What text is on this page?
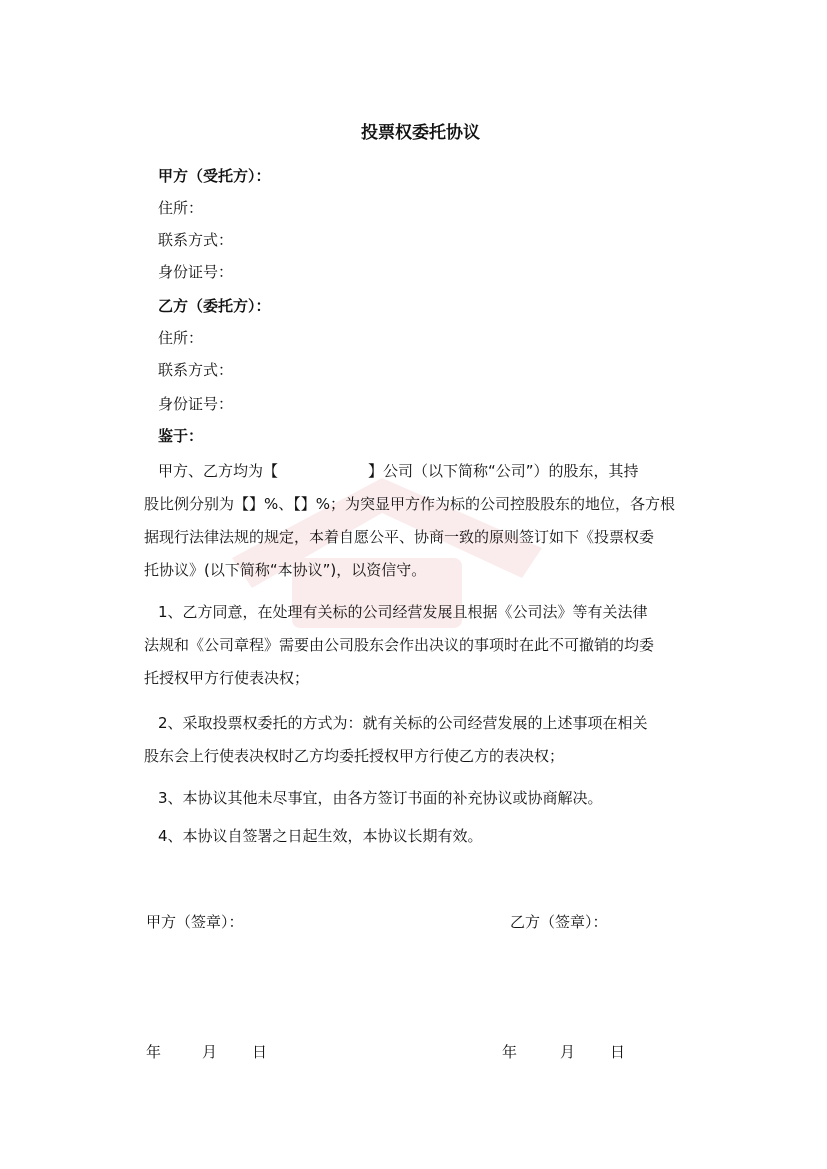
投票权委托协议
甲方（受托方）：
住所：
联系方式：
身份证号：
乙方（委托方）：
住所：
联系方式：
身份证号：
鉴于：
甲方、乙方均为【　　　　　　】公司（以下简称“公司”）的股东，其持
股比例分别为【】%、【】%；为突显甲方作为标的公司控股股东的地位，各方根
据现行法律法规的规定，本着自愿公平、协商一致的原则签订如下《投票权委
托协议》(以下简称“本协议”)，以资信守。
1、乙方同意，在处理有关标的公司经营发展且根据《公司法》等有关法律
法规和《公司章程》需要由公司股东会作出决议的事项时在此不可撤销的均委
托授权甲方行使表决权；
2、采取投票权委托的方式为：就有关标的公司经营发展的上述事项在相关
股东会上行使表决权时乙方均委托授权甲方行使乙方的表决权；
3、本协议其他未尽事宜，由各方签订书面的补充协议或协商解决。
4、本协议自签署之日起生效，本协议长期有效。
甲方（签章）：	乙方（签章）：
年	月 日	年	月 日
